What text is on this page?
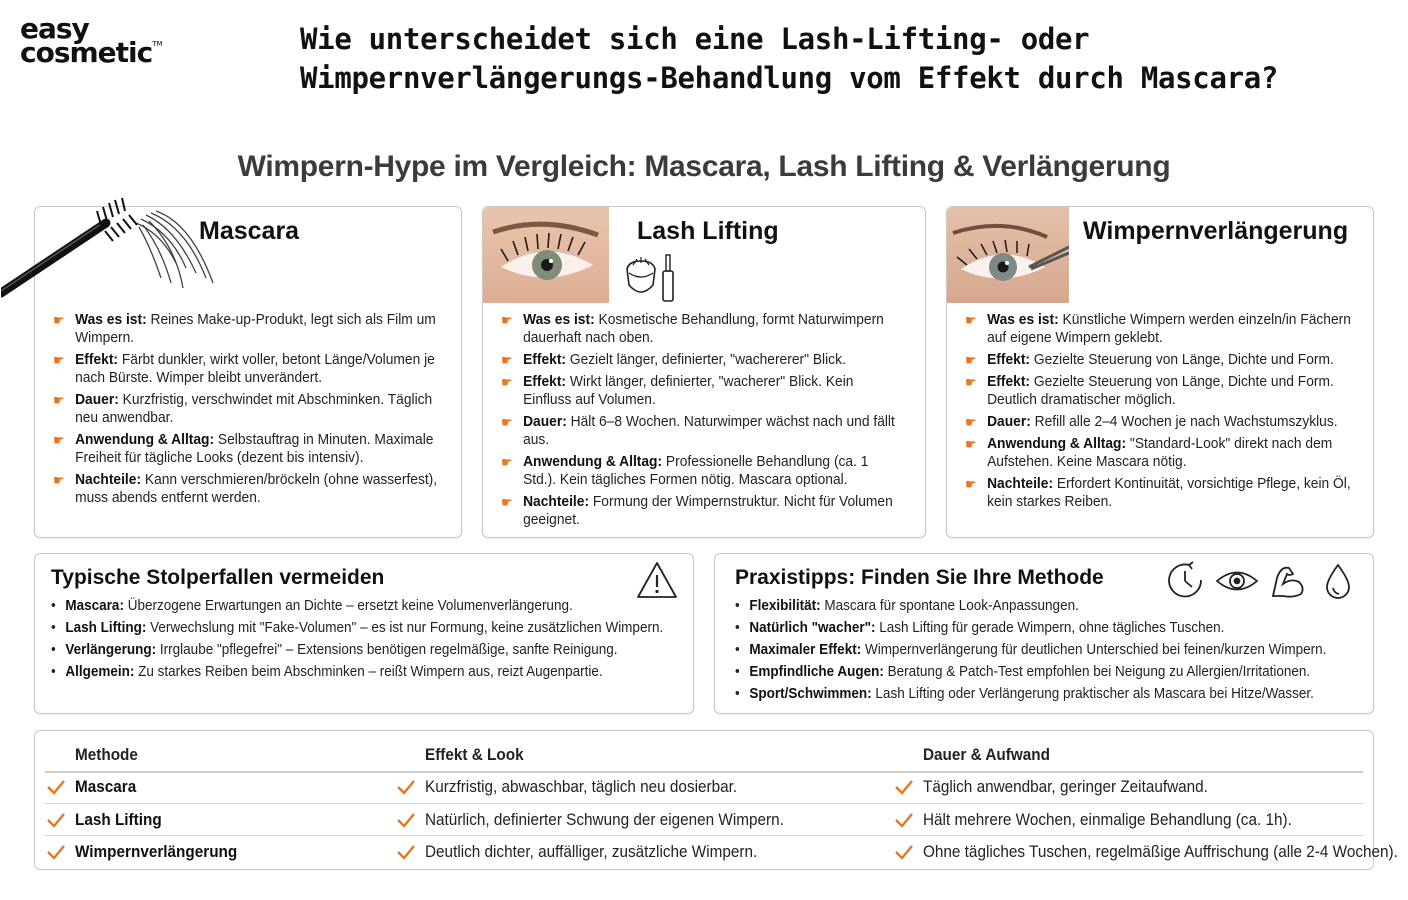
easy
cosmetic™	Wie unterscheidet sich eine Lash-Lifting- oder
Wimpernverlängerungs-Behandlung vom Effekt durch Mascara?
Wimpern-Hype im Vergleich: Mascara, Lash Lifting & Verlängerung
Mascara
☛ Was es ist: Reines Make-up-Produkt, legt sich als Film um Wimpern.
☛ Effekt: Färbt dunkler, wirkt voller, betont Länge/Volumen je nach Bürste. Wimper bleibt unverändert.
☛ Dauer: Kurzfristig, verschwindet mit Abschminken. Täglich neu anwendbar.
☛ Anwendung & Alltag: Selbstauftrag in Minuten. Maximale Freiheit für tägliche Looks (dezent bis intensiv).
☛ Nachteile: Kann verschmieren/bröckeln (ohne wasserfest), muss abends entfernt werden.
Lash Lifting
☛ Was es ist: Kosmetische Behandlung, formt Naturwimpern dauerhaft nach oben.
☛ Effekt: Gezielt länger, definierter, "wachererer" Blick.
☛ Effekt: Wirkt länger, definierter, "wacherer" Blick. Kein Einfluss auf Volumen.
☛ Dauer: Hält 6–8 Wochen. Naturwimper wächst nach und fällt aus.
☛ Anwendung & Alltag: Professionelle Behandlung (ca. 1 Std.). Kein tägliches Formen nötig. Mascara optional.
☛ Nachteile: Formung der Wimpernstruktur. Nicht für Volumen geeignet.
Wimpernverlängerung
☛ Was es ist: Künstliche Wimpern werden einzeln/in Fächern auf eigene Wimpern geklebt.
☛ Effekt: Gezielte Steuerung von Länge, Dichte und Form.
☛ Effekt: Gezielte Steuerung von Länge, Dichte und Form. Deutlich dramatischer möglich.
☛ Dauer: Refill alle 2–4 Wochen je nach Wachstumszyklus.
☛ Anwendung & Alltag: "Standard-Look" direkt nach dem Aufstehen. Keine Mascara nötig.
☛ Nachteile: Erfordert Kontinuität, vorsichtige Pflege, kein Öl, kein starkes Reiben.
Typische Stolperfallen vermeiden
• Mascara: Überzogene Erwartungen an Dichte – ersetzt keine Volumenverlängerung.
• Lash Lifting: Verwechslung mit "Fake-Volumen" – es ist nur Formung, keine zusätzlichen Wimpern.
• Verlängerung: Irrglaube "pflegefrei" – Extensions benötigen regelmäßige, sanfte Reinigung.
• Allgemein: Zu starkes Reiben beim Abschminken – reißt Wimpern aus, reizt Augenpartie.
Praxistipps: Finden Sie Ihre Methode
• Flexibilität: Mascara für spontane Look-Anpassungen.
• Natürlich "wacher": Lash Lifting für gerade Wimpern, ohne tägliches Tuschen.
• Maximaler Effekt: Wimpernverlängerung für deutlichen Unterschied bei feinen/kurzen Wimpern.
• Empfindliche Augen: Beratung & Patch-Test empfohlen bei Neigung zu Allergien/Irritationen.
• Sport/Schwimmen: Lash Lifting oder Verlängerung praktischer als Mascara bei Hitze/Wasser.
Methode	Effekt & Look	Dauer & Aufwand
Mascara	Kurzfristig, abwaschbar, täglich neu dosierbar.	Täglich anwendbar, geringer Zeitaufwand.
Lash Lifting	Natürlich, definierter Schwung der eigenen Wimpern.	Hält mehrere Wochen, einmalige Behandlung (ca. 1h).
Wimpernverlängerung	Deutlich dichter, auffälliger, zusätzliche Wimpern.	Ohne tägliches Tuschen, regelmäßige Auffrischung (alle 2-4 Wochen).
